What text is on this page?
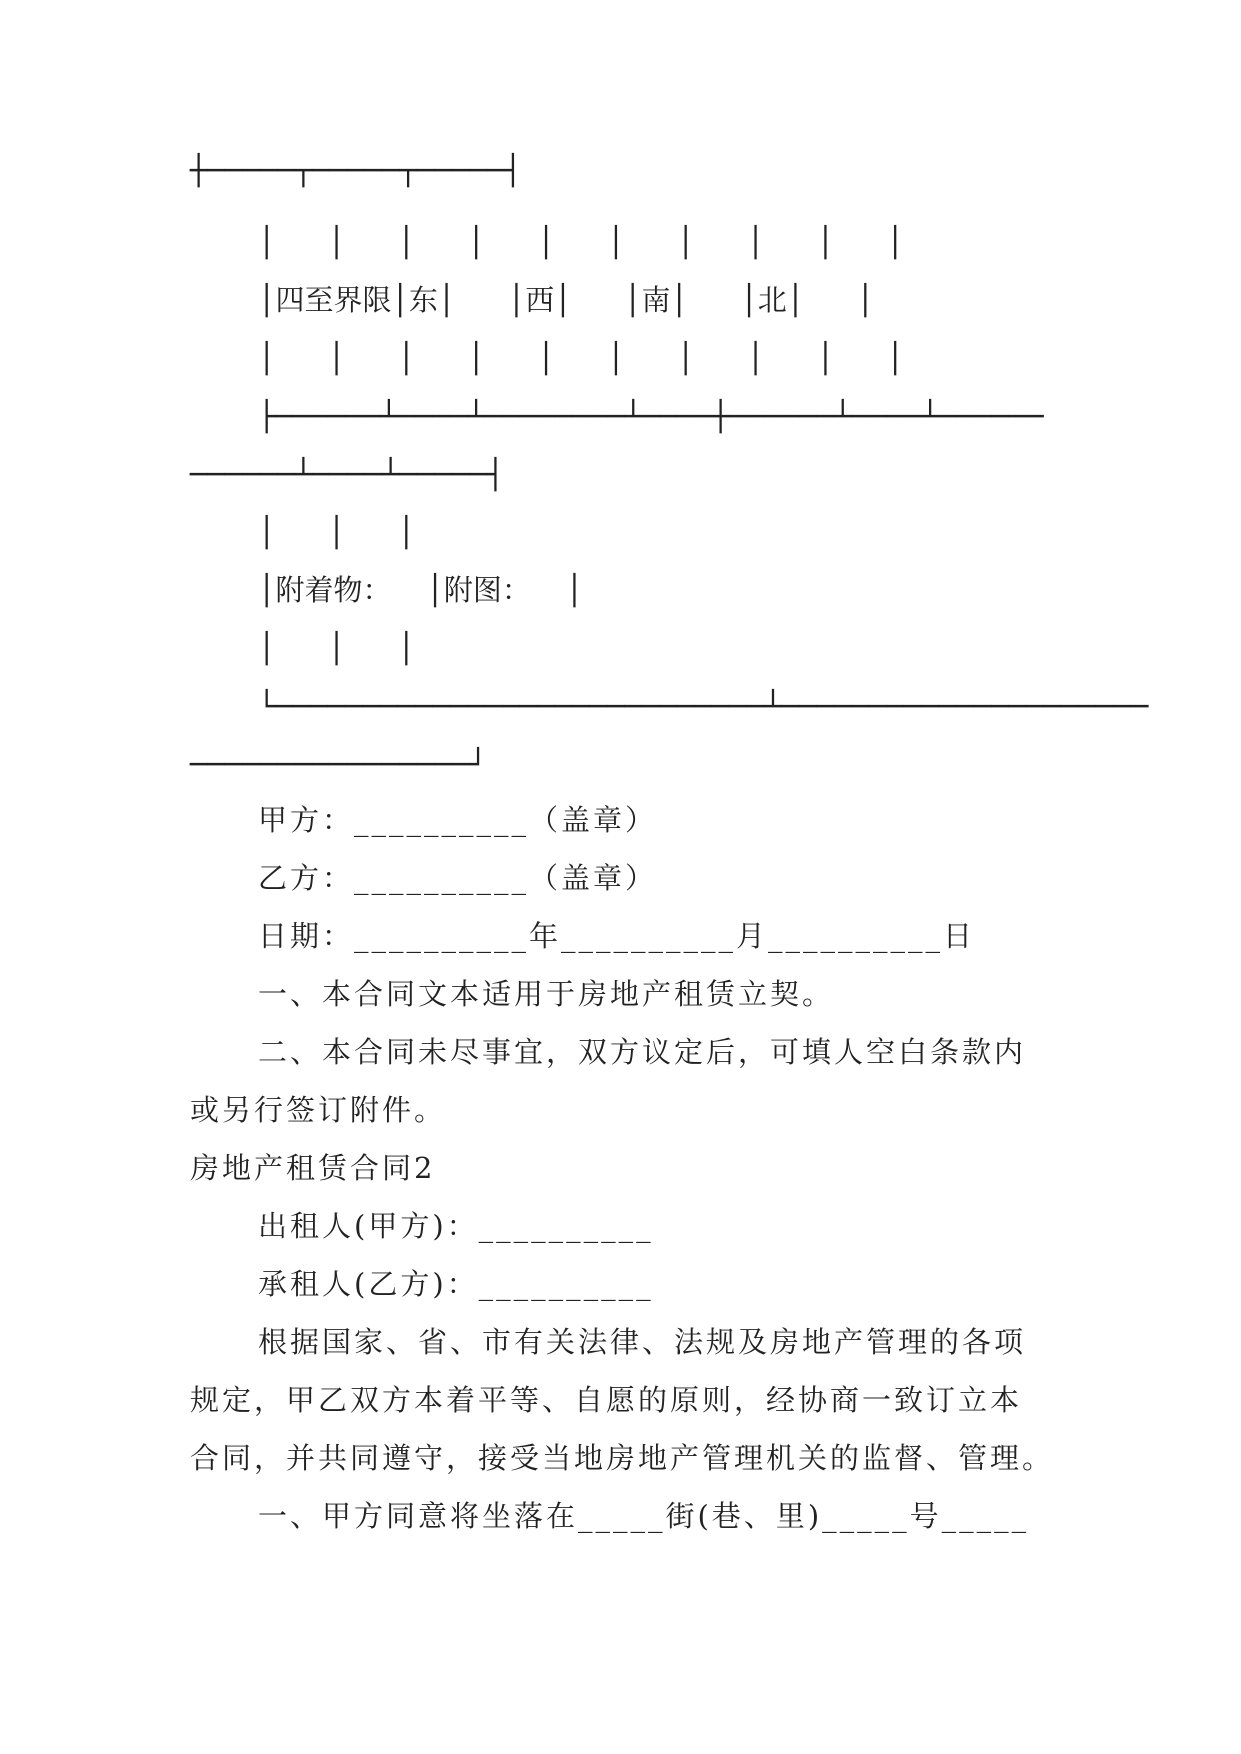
┼─────┬─────┬─────┤

│   │   │   │   │   │   │   │   │   │

│四至界限│东│   │西│   │南│   │北│   │

│   │   │   │   │   │   │   │   │   │

├──────┴────┴────────┴────┼──────┴────┴──────

──────┴────┴─────┤

│   │   │

│附着物：  │附图：  │

│   │   │

└────────────────────────────┴─────────────────────

────────────────┘

甲方：__________（盖章）

乙方：__________（盖章）

日期：__________年__________月__________日

一、本合同文本适用于房地产租赁立契。

二、本合同未尽事宜，双方议定后，可填人空白条款内

或另行签订附件。

房地产租赁合同2

出租人(甲方)：__________

承租人(乙方)：__________

根据国家、省、市有关法律、法规及房地产管理的各项

规定，甲乙双方本着平等、自愿的原则，经协商一致订立本

合同，并共同遵守，接受当地房地产管理机关的监督、管理。

一、甲方同意将坐落在_____街(巷、里)_____号_____
